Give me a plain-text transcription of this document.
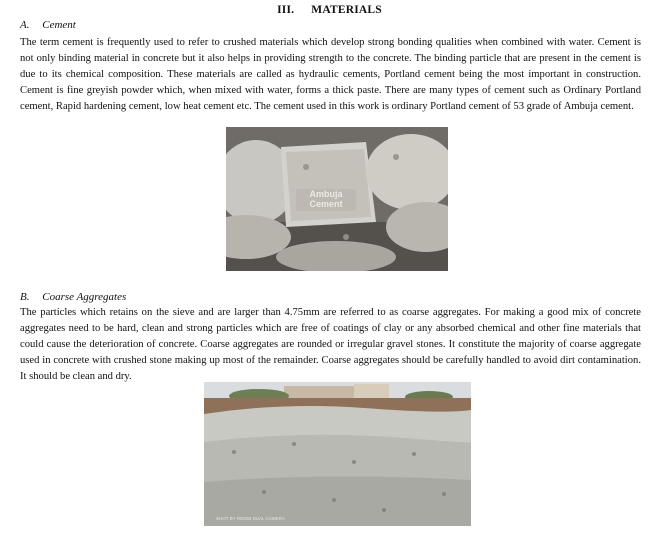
III. MATERIALS
A. Cement

The term cement is frequently used to refer to crushed materials which develop strong bonding qualities when combined with water. Cement is not only binding material in concrete but it also helps in providing strength to the concrete. The binding particle that are present in the cement is due to its chemical composition. These materials are called as hydraulic cements, Portland cement being the most important in construction. Cement is fine greyish powder which, when mixed with water, forms a thick paste. There are many types of cement such as Ordinary Portland cement, Rapid hardening cement, low heat cement etc. The cement used in this work is ordinary Portland cement of 53 grade of Ambuja cement.

Ambuja
Cement
B. Coarse Aggregates

The particles which retains on the sieve and are larger than 4.75mm are referred to as coarse aggregates. For making a good mix of concrete aggregates need to be hard, clean and strong particles which are free of coatings of clay or any absorbed chemical and other fine materials that could cause the deterioration of concrete. Coarse aggregates are rounded or irregular gravel stones. It constitute the majority of coarse aggregate used in concrete with crushed stone making up most of the remainder. Coarse aggregates should be carefully handled to avoid dirt contamination. It should be clean and dry.

SHOT BY REDMI DUAL CAMERA
